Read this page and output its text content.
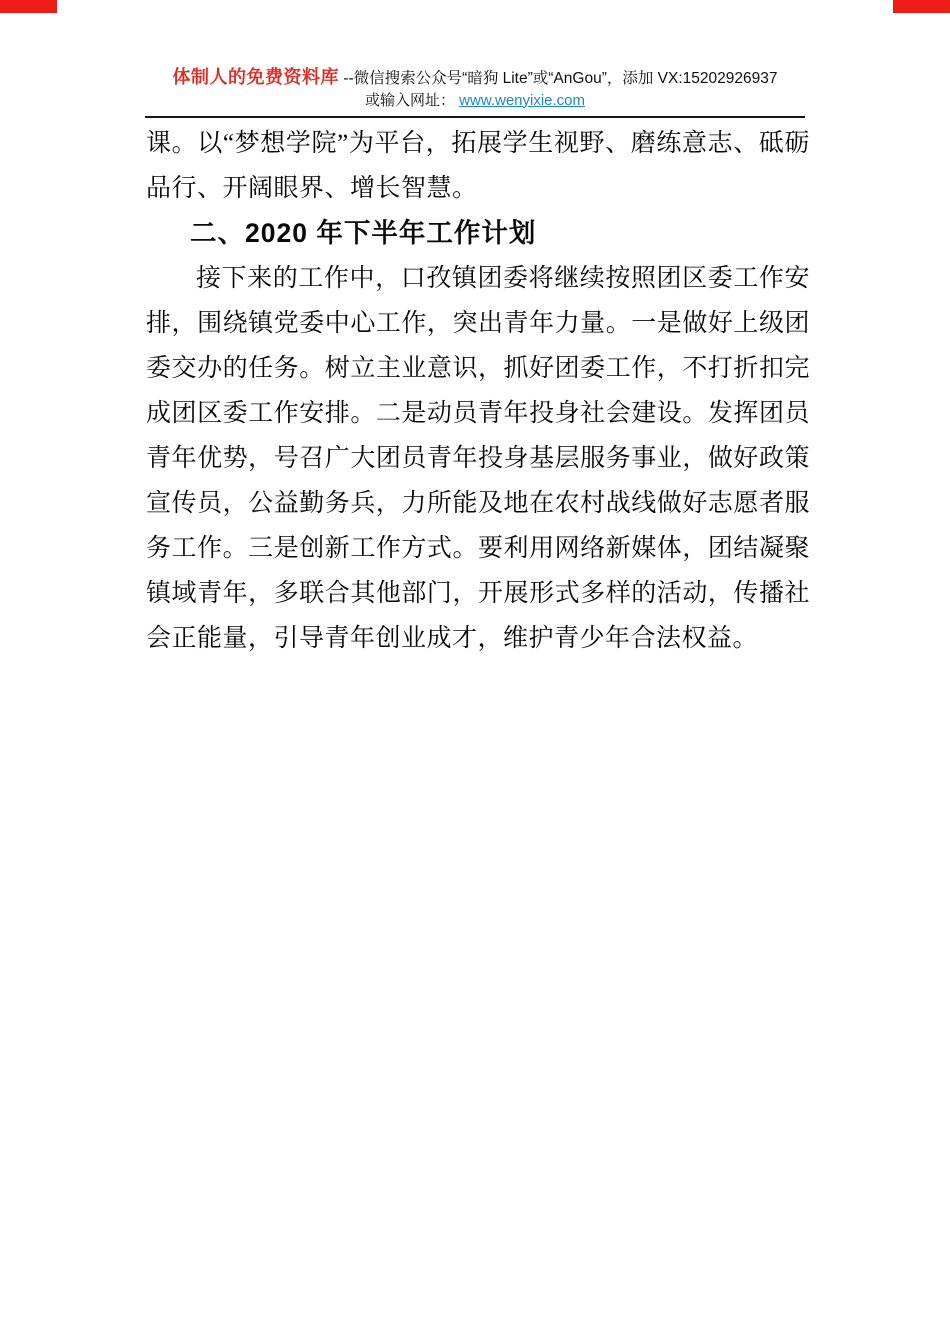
体制人的免费资料库 --微信搜索公众号“暗狗 Lite”或“AnGou”，添加 VX:15202926937
或输入网址： www.wenyixie.com

课。以“梦想学院”为平台，拓展学生视野、磨练意志、砥砺品行、开阔眼界、增长智慧。

二、2020 年下半年工作计划

接下来的工作中，口孜镇团委将继续按照团区委工作安排，围绕镇党委中心工作，突出青年力量。一是做好上级团委交办的任务。树立主业意识，抓好团委工作，不打折扣完成团区委工作安排。二是动员青年投身社会建设。发挥团员青年优势，号召广大团员青年投身基层服务事业，做好政策宣传员，公益勤务兵，力所能及地在农村战线做好志愿者服务工作。三是创新工作方式。要利用网络新媒体，团结凝聚镇域青年，多联合其他部门，开展形式多样的活动，传播社会正能量，引导青年创业成才，维护青少年合法权益。
